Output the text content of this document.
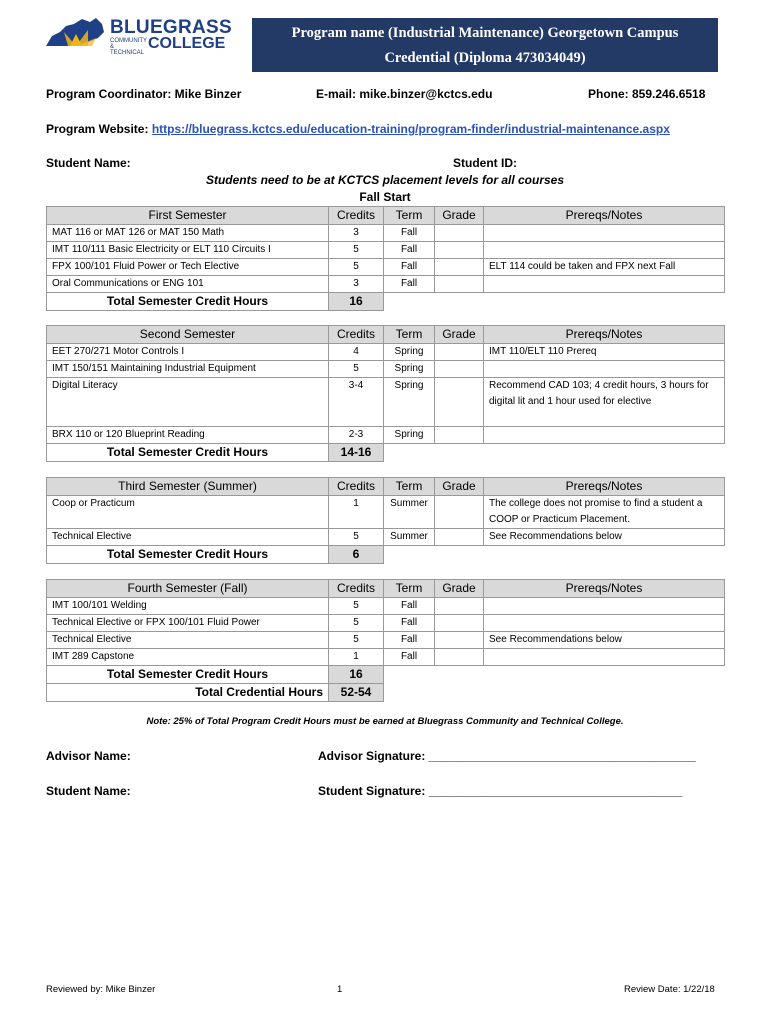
BLUEGRASS
COMMUNITY & TECHNICAL
COLLEGE
Program name (Industrial Maintenance) Georgetown Campus
Credential (Diploma 473034049)
Program Coordinator: Mike Binzer	E-mail: mike.binzer@kctcs.edu	Phone: 859.246.6518
Program Website: https://bluegrass.kctcs.edu/education-training/program-finder/industrial-maintenance.aspx
Student Name:	Student ID:
Students need to be at KCTCS placement levels for all courses
Fall Start
First Semester	Credits	Term	Grade	Prereqs/Notes
MAT 116 or MAT 126 or MAT 150 Math	3	Fall		
IMT 110/111 Basic Electricity or ELT 110 Circuits I	5	Fall		
FPX 100/101 Fluid Power or Tech Elective	5	Fall		ELT 114 could be taken and FPX next Fall
Oral Communications or ENG 101	3	Fall		
Total Semester Credit Hours	16			
Second Semester	Credits	Term	Grade	Prereqs/Notes
EET 270/271 Motor Controls I	4	Spring		IMT 110/ELT 110 Prereq
IMT 150/151 Maintaining Industrial Equipment	5	Spring		
Digital Literacy	3-4	Spring		Recommend CAD 103; 4 credit hours, 3 hours for digital lit and 1 hour used for elective
BRX 110 or 120 Blueprint Reading	2-3	Spring		
Total Semester Credit Hours	14-16			
Third Semester (Summer)	Credits	Term	Grade	Prereqs/Notes
Coop or Practicum	1	Summer		The college does not promise to find a student a COOP or Practicum Placement.
Technical Elective	5	Summer		See Recommendations below
Total Semester Credit Hours	6			
Fourth Semester (Fall)	Credits	Term	Grade	Prereqs/Notes
IMT 100/101 Welding	5	Fall		
Technical Elective or FPX 100/101 Fluid Power	5	Fall		
Technical Elective	5	Fall		See Recommendations below
IMT 289 Capstone	1	Fall		
Total Semester Credit Hours	16			
Total Credential Hours	52-54			
Note: 25% of Total Program Credit Hours must be earned at Bluegrass Community and Technical College.
Advisor Name:	Advisor Signature: ________________________________________
Student Name:	Student Signature: ______________________________________
Reviewed by: Mike Binzer	1	Review Date: 1/22/18
